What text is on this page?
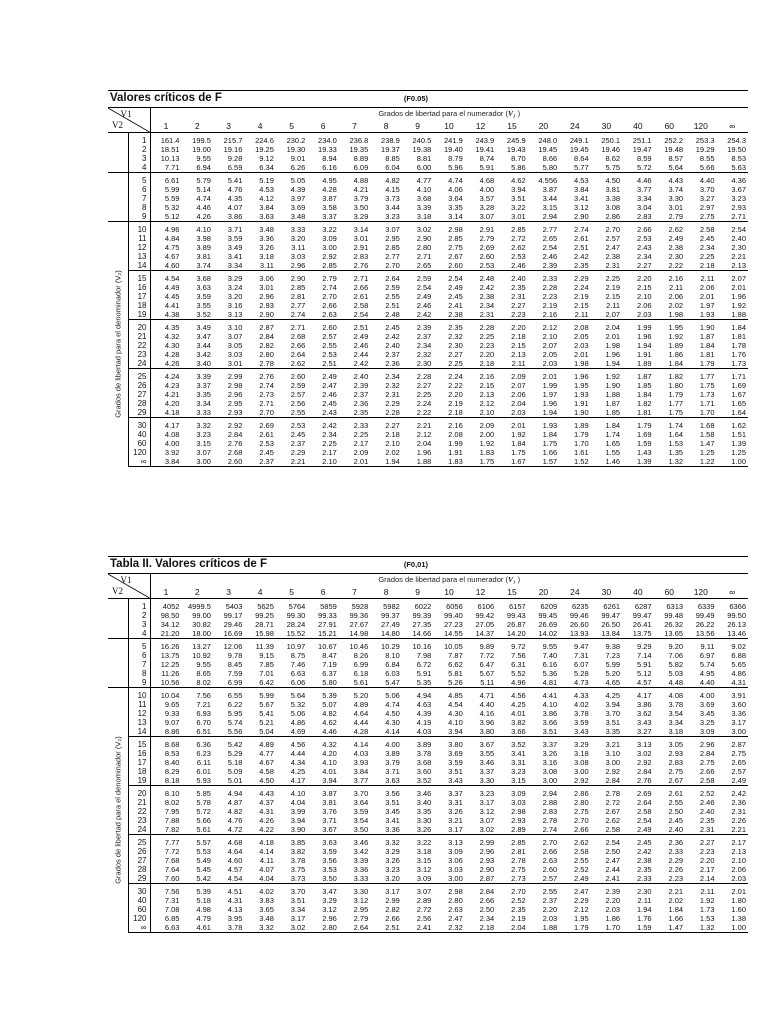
Valores críticos de F										(F0.05)										

V1
V2		Grados de libertad para el numerador (V₁ )																		
		1	2	3	4	5	6	7	8	9	10	12	15	20	24	30	40	60	120	∞
	1	161.4	199.5	215.7	224.6	230.2	234.0	236.8	238.9	240.5	241.9	243.9	245.9	248.0	249.1	250.1	251.1	252.2	253.3	254.3
	2	18.51	19.00	19.16	19.25	19.30	19.33	19.35	19.37	19.38	19.40	19.41	19.43	19.45	19.45	19.46	19.47	19.48	19.29	19.50
	3	10.13	9.55	9.28	9.12	9.01	8.94	8.89	8.85	8.81	8.79	8.74	8.70	8.66	8.64	8.62	8.59	8.57	8.55	8.53
	4	7.71	6.94	6.59	6.34	6.26	6.16	6.09	6.04	6.00	5.96	5.91	5.86	5.80	5.77	5.75	5.72	5.64	5.66	5.63
	5	6.61	5.79	5.41	5.19	5.05	4.95	4.88	4.82	4.77	4.74	4.68	4.62	4.556	4.53	4.50	4.46	4.43	4.40	4.36
	6	5.99	5.14	4.76	4.53	4.39	4.28	4.21	4.15	4.10	4.06	4.00	3.94	3.87	3.84	3.81	3.77	3.74	3.70	3.67
	7	5.59	4.74	4.35	4.12	3.97	3.87	3.79	3.73	3.68	3.64	3.57	3.51	3.44	3.41	3.38	3.34	3.30	3.27	3.23
	8	5.32	4.46	4.07	3.84	3.69	3.58	3.50	3.44	3.39	3.35	3.28	3.22	3.15	3.12	3.08	3.04	3.01	2.97	2.93
	9	5.12	4.26	3.86	3.63	3.48	3.37	3.29	3.23	3.18	3.14	3.07	3.01	2.94	2.90	2.86	2.83	2.79	2.75	2.71

Grados de libertad para el denominador (V₂)	10	4.96	4.10	3.71	3.48	3.33	3.22	3.14	3.07	3.02	2.98	2.91	2.85	2.77	2.74	2.70	2.66	2.62	2.58	2.54
	11	4.84	3.98	3.59	3.36	3.20	3.09	3.01	2.95	2.90	2.85	2.79	2.72	2.65	2.61	2.57	2.53	2.49	2.45	2.40
	12	4.75	3.89	3.49	3.26	3.11	3.00	2.91	2.85	2.80	2.75	2.69	2.62	2.54	2.51	2.47	2.43	2.38	2.34	2.30
	13	4.67	3.81	3.41	3.18	3.03	2.92	2.83	2.77	2.71	2.67	2.60	2.53	2.46	2.42	2.38	2.34	2.30	2.25	2.21
	14	4.60	3.74	3.34	3.11	2.96	2.85	2.76	2.70	2.65	2.60	2.53	2.46	2.39	2.35	2.31	2.27	2.22	2.18	2.13
	15	4.54	3.68	3.29	3.06	2.90	2.79	2.71	2.64	2.59	2.54	2.48	2.40	2.33	2.29	2.25	2.20	2.16	2.11	2.07
	16	4.49	3.63	3.24	3.01	2.85	2.74	2.66	2.59	2.54	2.49	2.42	2.35	2.28	2.24	2.19	2.15	2.11	2.06	2.01
	17	4.45	3.59	3.20	2.96	2.81	2.70	2.61	2.55	2.49	2.45	2.38	2.31	2.23	2.19	2.15	2.10	2.06	2.01	1.96
	18	4.41	3.55	3.16	2.93	2.77	2.66	2.58	2.51	2.46	2.41	2.34	2.27	2.19	2.15	2.11	2.06	2.02	1.97	1.92
	19	4.38	3.52	3.13	2.90	2.74	2.63	2.54	2.48	2.42	2.38	2.31	2.23	2.16	2.11	2.07	2.03	1.98	1.93	1.88
	20	4.35	3.49	3.10	2.87	2.71	2.60	2.51	2.45	2.39	2.35	2.28	2.20	2.12	2.08	2.04	1.99	1.95	1.90	1.84
	21	4.32	3.47	3.07	2.84	2.68	2.57	2.49	2.42	2.37	2.32	2.25	2.18	2.10	2.05	2.01	1.96	1.92	1.87	1.81
	22	4.30	3.44	3.05	2.82	2.66	2.55	2.46	2.40	2.34	2.30	2.23	2.15	2.07	2.03	1.98	1.94	1.89	1.84	1.78
	23	4.28	3.42	3.03	2.80	2.64	2.53	2.44	2.37	2.32	2.27	2.20	2.13	2.05	2.01	1.96	1.91	1.86	1.81	1.76
	24	4.26	3.40	3.01	2.78	2.62	2.51	2.42	2.36	2.30	2.25	2.18	2.11	2.03	1.98	1.94	1.89	1.84	1.79	1.73
	25	4.24	3.39	2.99	2.76	2.60	2.49	2.40	2.34	2.28	2.24	2.16	2.09	2.01	1.96	1.92	1.87	1.82	1.77	1.71
	26	4.23	3.37	2.98	2.74	2.59	2.47	2.39	2.32	2.27	2.22	2.15	2.07	1.99	1.95	1.90	1.85	1.80	1.75	1.69
	27	4.21	3.35	2.96	2.73	2.57	2.46	2.37	2.31	2.25	2.20	2.13	2.06	1.97	1.93	1.88	1.84	1.79	1.73	1.67
	28	4.20	3.34	2.95	2.71	2.56	2.45	2.36	2.29	2.24	2.19	2.12	2.04	1.96	1.91	1.87	1.82	1.77	1.71	1.65
	29	4.18	3.33	2.93	2.70	2.55	2.43	2.35	2.28	2.22	2.18	2.10	2.03	1.94	1.90	1.85	1.81	1.75	1.70	1.64
	30	4.17	3.32	2.92	2.69	2.53	2.42	2.33	2.27	2.21	2.16	2.09	2.01	1.93	1.89	1.84	1.79	1.74	1.68	1.62
	40	4.08	3.23	2.84	2.61	2.45	2.34	2.25	2.18	2.12	2.08	2.00	1.92	1.84	1.79	1.74	1.69	1.64	1.58	1.51
	60	4.00	3.15	2.76	2.53	2.37	2.25	2.17	2.10	2.04	1.99	1.92	1.84	1.75	1.70	1.65	1.59	1.53	1.47	1.39
	120	3.92	3.07	2.68	2.45	2.29	2.17	2.09	2.02	1.96	1.91	1.83	1.75	1.66	1.61	1.55	1.43	1.35	1.25	1.25
	∞	3.84	3.00	2.60	2.37	2.21	2.10	2.01	1.94	1.88	1.83	1.75	1.67	1.57	1.52	1.46	1.39	1.32	1.22	1.00
Tabla II. Valores críticos de F										(F0,01)										

V1
V2		Grados de libertad para el numerador (V₁ )																		
		1	2	3	4	5	6	7	8	9	10	12	15	20	24	30	40	60	120	∞
	1	4052	4999.5	5403	5625	5764	5859	5928	5982	6022	6056	6106	6157	6209	6235	6261	6287	6313	6339	6366
	2	98.50	99.00	99.17	99.25	99.30	99.33	99.36	99.37	99.39	99.40	99.42	99.43	99.45	99.46	99.47	99.47	99.48	99.49	99.50
	3	34.12	30.82	29.46	28.71	28.24	27.91	27.67	27.49	27.35	27.23	27.05	26.87	26.69	26.60	26.50	26.41	26.32	26.22	26.13
	4	21.20	18.00	16.69	15.98	15.52	15.21	14.98	14.80	14.66	14.55	14.37	14.20	14.02	13.93	13.84	13.75	13.65	13.56	13.46
	5	16.26	13.27	12.06	11.39	10.97	10.67	10.46	10.29	10.16	10.05	9.89	9.72	9.55	9.47	9.38	9.29	9.20	9.11	9.02
	6	13.75	10.92	9.78	9.15	8.75	8.47	8.26	8.10	7.98	7.87	7.72	7.56	7.40	7.31	7.23	7.14	7.06	6.97	6.88
	7	12.25	9.55	8.45	7.85	7.46	7.19	6.99	6.84	6.72	6.62	6.47	6.31	6.16	6.07	5.99	5.91	5.82	5.74	5.65
	8	11.26	8.65	7.59	7.01	6.63	6.37	6.18	6.03	5.91	5.81	5.67	5.52	5.36	5.28	5.20	5.12	5.03	4.95	4.86
	9	10.56	8.02	6.99	6.42	6.06	5.80	5.61	5.47	5.35	5.26	5.11	4.96	4.81	4.73	4.65	4.57	4.48	4.40	4.31

Grados de libertad para el denominador (V₂)	10	10.04	7.56	6.55	5.99	5.64	5.39	5.20	5.06	4.94	4.85	4.71	4.56	4.41	4.33	4.25	4.17	4.08	4.00	3.91
	11	9.65	7.21	6.22	5.67	5.32	5.07	4.89	4.74	4.63	4.54	4.40	4.25	4.10	4.02	3.94	3.86	3.78	3.69	3.60
	12	9.33	6.93	5.95	5.41	5.06	4.82	4.64	4.50	4.39	4.30	4.16	4.01	3.86	3.78	3.70	3.62	3.54	3.45	3.36
	13	9.07	6.70	5.74	5.21	4.86	4.62	4.44	4.30	4.19	4.10	3.96	3.82	3.66	3.59	3.51	3.43	3.34	3.25	3.17
	14	8.86	6.51	5.56	5.04	4.69	4.46	4.28	4.14	4.03	3.94	3.80	3.66	3.51	3.43	3.35	3.27	3.18	3.09	3.00
	15	8.68	6.36	5.42	4.89	4.56	4.32	4.14	4.00	3.89	3.80	3.67	3.52	3.37	3.29	3.21	3.13	3.05	2.96	2.87
	16	8.53	6.23	5.29	4.77	4.44	4.20	4.03	3.89	3.78	3.69	3.55	3.41	3.26	3.18	3.10	3.02	2.93	2.84	2.75
	17	8.40	6.11	5.18	4.67	4.34	4.10	3.93	3.79	3.68	3.59	3.46	3.31	3.16	3.08	3.00	2.92	2.83	2.75	2.65
	18	8.29	6.01	5.09	4.58	4.25	4.01	3.84	3.71	3.60	3.51	3.37	3.23	3.08	3.00	2.92	2.84	2.75	2.66	2.57
	19	8.18	5.93	5.01	4.50	4.17	3.94	3.77	3.63	3.52	3.43	3.30	3.15	3.00	2.92	2.84	2.76	2.67	2.58	2.49
	20	8.10	5.85	4.94	4.43	4.10	3.87	3.70	3.56	3.46	3.37	3.23	3.09	2.94	2.86	2.78	2.69	2.61	2.52	2.42
	21	8.02	5.78	4.87	4.37	4.04	3.81	3.64	3.51	3.40	3.31	3.17	3.03	2.88	2.80	2.72	2.64	2.55	2.46	2.36
	22	7.95	5.72	4.82	4.31	3.99	3.76	3.59	3.45	3.35	3.26	3.12	2.98	2.83	2.75	2.67	2.58	2.50	2.40	2.31
	23	7.88	5.66	4.76	4.26	3.94	3.71	3.54	3.41	3.30	3.21	3.07	2.93	2.78	2.70	2.62	2.54	2.45	2.35	2.26
	24	7.82	5.61	4.72	4.22	3.90	3.67	3.50	3.36	3.26	3.17	3.02	2.89	2.74	2.66	2.58	2.49	2.40	2.31	2.21
	25	7.77	5.57	4.68	4.18	3.85	3.63	3.46	3.32	3.22	3.13	2.99	2.85	2.70	2.62	2.54	2.45	2.36	2.27	2.17
	26	7.72	5.53	4.64	4.14	3.82	3.59	3.42	3.29	3.18	3.09	2.96	2.81	2.66	2.58	2.50	2.42	2.33	2.23	2.13
	27	7.68	5.49	4.60	4.11	3.78	3.56	3.39	3.26	3.15	3.06	2.93	2.78	2.63	2.55	2.47	2.38	2.29	2.20	2.10
	28	7.64	5.45	4.57	4.07	3.75	3.53	3.36	3.23	3.12	3.03	2.90	2.75	2.60	2.52	2.44	2.35	2.26	2.17	2.06
	29	7.60	5.42	4.54	4.04	3.73	3.50	3.33	3.20	3.09	3.00	2.87	2.73	2.57	2.49	2.41	2.33	2.23	2.14	2.03
	30	7.56	5.39	4.51	4.02	3.70	3.47	3.30	3.17	3.07	2.98	2.84	2.70	2.55	2.47	2.39	2.30	2.21	2.11	2.01
	40	7.31	5.18	4.31	3.83	3.51	3.29	3.12	2.99	2.89	2.80	2.66	2.52	2.37	2.29	2.20	2.11	2.02	1.92	1.80
	60	7.08	4.98	4.13	3.65	3.34	3.12	2.95	2.82	2.72	2.63	2.50	2.35	2.20	2.12	2.03	1.94	1.84	1.73	1.60
	120	6.85	4.79	3.95	3.48	3.17	2.96	2.79	2.66	2.56	2.47	2.34	2.19	2.03	1.95	1.86	1.76	1.66	1.53	1.38
	∞	6.63	4.61	3.78	3.32	3.02	2.80	2.64	2.51	2.41	2.32	2.18	2.04	1.88	1.79	1.70	1.59	1.47	1.32	1.00
